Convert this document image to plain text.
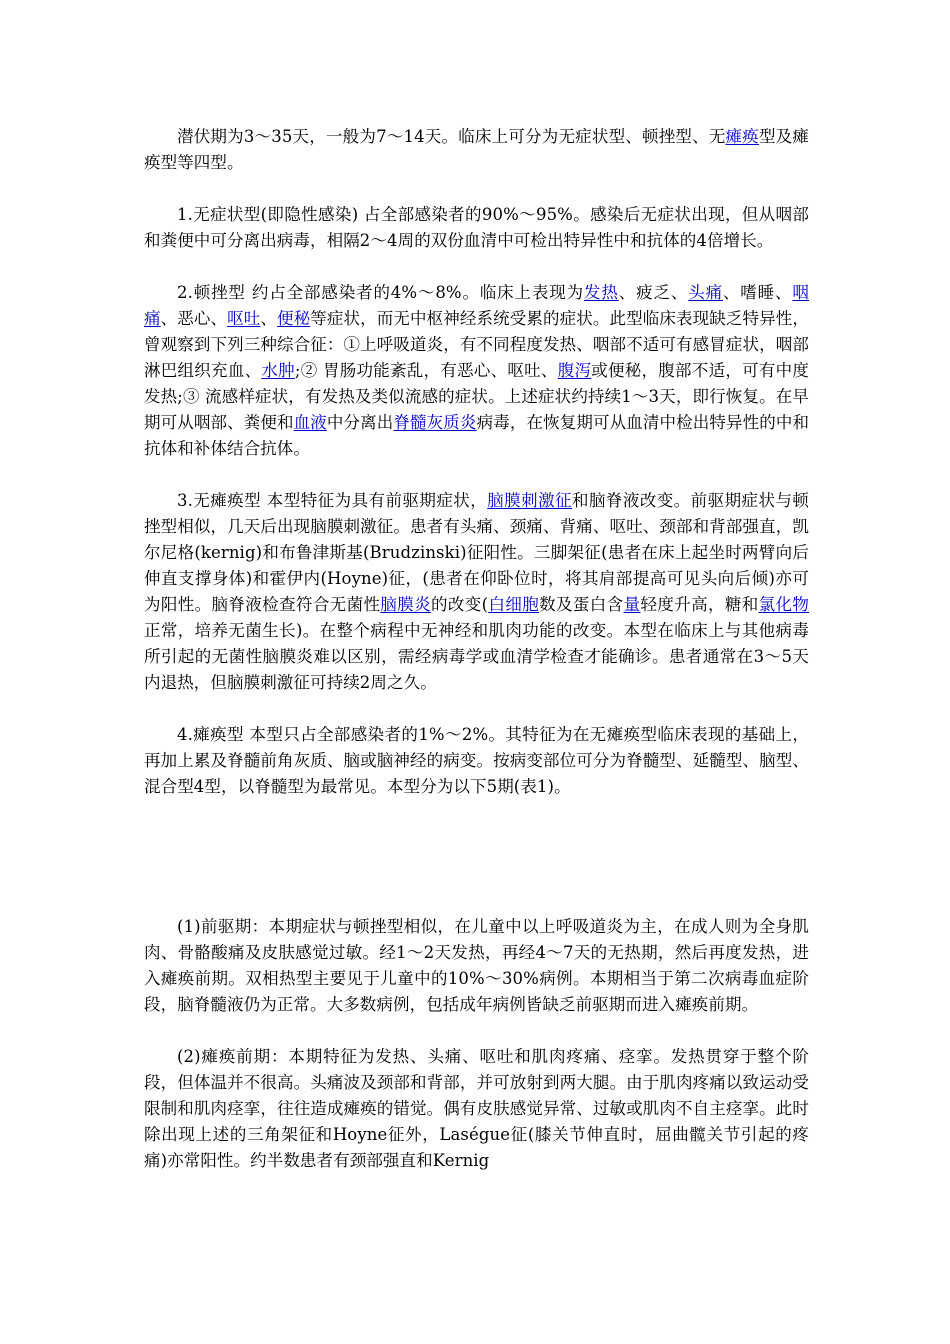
潜伏期为3～35天，一般为7～14天。临床上可分为无症状型、顿挫型、无瘫痪型及瘫痪型等四型。

1.无症状型(即隐性感染) 占全部感染者的90%～95%。感染后无症状出现，但从咽部和粪便中可分离出病毒，相隔2～4周的双份血清中可检出特异性中和抗体的4倍增长。

2.顿挫型 约占全部感染者的4%～8%。临床上表现为发热、疲乏、头痛、嗜睡、咽痛、恶心、呕吐、便秘等症状，而无中枢神经系统受累的症状。此型临床表现缺乏特异性，曾观察到下列三种综合征：①上呼吸道炎，有不同程度发热、咽部不适可有感冒症状，咽部淋巴组织充血、水肿;② 胃肠功能紊乱，有恶心、呕吐、腹泻或便秘，腹部不适，可有中度发热;③ 流感样症状，有发热及类似流感的症状。上述症状约持续1～3天，即行恢复。在早期可从咽部、粪便和血液中分离出脊髓灰质炎病毒，在恢复期可从血清中检出特异性的中和抗体和补体结合抗体。

3.无瘫痪型 本型特征为具有前驱期症状，脑膜刺激征和脑脊液改变。前驱期症状与顿挫型相似，几天后出现脑膜刺激征。患者有头痛、颈痛、背痛、呕吐、颈部和背部强直，凯尔尼格(kernig)和布鲁津斯基(Brudzinski)征阳性。三脚架征(患者在床上起坐时两臂向后伸直支撑身体)和霍伊内(Hoyne)征，(患者在仰卧位时，将其肩部提高可见头向后倾)亦可为阳性。脑脊液检查符合无菌性脑膜炎的改变(白细胞数及蛋白含量轻度升高，糖和氯化物正常，培养无菌生长)。在整个病程中无神经和肌肉功能的改变。本型在临床上与其他病毒所引起的无菌性脑膜炎难以区别，需经病毒学或血清学检查才能确诊。患者通常在3～5天内退热，但脑膜刺激征可持续2周之久。

4.瘫痪型 本型只占全部感染者的1%～2%。其特征为在无瘫痪型临床表现的基础上，再加上累及脊髓前角灰质、脑或脑神经的病变。按病变部位可分为脊髓型、延髓型、脑型、混合型4型，以脊髓型为最常见。本型分为以下5期(表1)。

(1)前驱期：本期症状与顿挫型相似，在儿童中以上呼吸道炎为主，在成人则为全身肌肉、骨骼酸痛及皮肤感觉过敏。经1～2天发热，再经4～7天的无热期，然后再度发热，进入瘫痪前期。双相热型主要见于儿童中的10%～30%病例。本期相当于第二次病毒血症阶段，脑脊髓液仍为正常。大多数病例，包括成年病例皆缺乏前驱期而进入瘫痪前期。

(2)瘫痪前期：本期特征为发热、头痛、呕吐和肌肉疼痛、痉挛。发热贯穿于整个阶段，但体温并不很高。头痛波及颈部和背部，并可放射到两大腿。由于肌肉疼痛以致运动受限制和肌肉痉挛，往往造成瘫痪的错觉。偶有皮肤感觉异常、过敏或肌肉不自主痉挛。此时除出现上述的三角架征和Hoyne征外，Laségue征(膝关节伸直时，屈曲髋关节引起的疼痛)亦常阳性。约半数患者有颈部强直和Kernig
